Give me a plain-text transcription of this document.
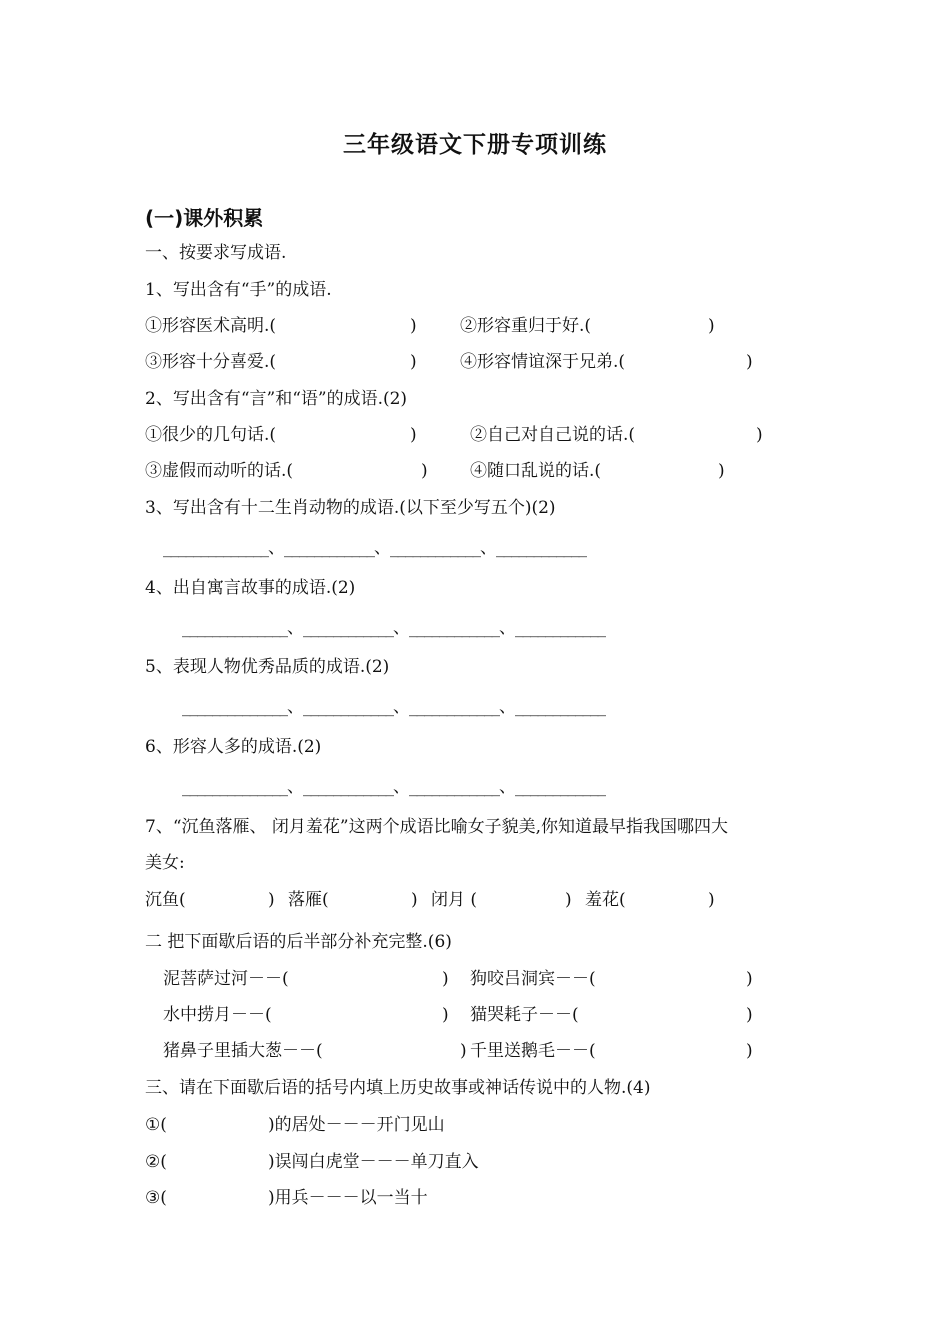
三年级语文下册专项训练
(一)课外积累
一、按要求写成语.
1、写出含有“手”的成语.
①形容医术高明.(	)	②形容重归于好.(	)
③形容十分喜爱.(	)	④形容情谊深于兄弟.(	)
2、写出含有“言”和“语”的成语.(2)
①很少的几句话.(	)	②自己对自己说的话.(	)
③虚假而动听的话.(	) ④随口乱说的话.(	)
3、写出含有十二生肖动物的成语.(以下至少写五个)(2)
______________、____________、____________、____________
4、出自寓言故事的成语.(2)
______________、____________、____________、____________
5、表现人物优秀品质的成语.(2)
______________、____________、____________、____________
6、形容人多的成语.(2)
______________、____________、____________、____________
7、“沉鱼落雁、 闭月羞花”这两个成语比喻女子貌美,你知道最早指我国哪四大
美女:
沉鱼(	) 落雁(	) 闭月 (	) 羞花(	)
二 把下面歇后语的后半部分补充完整.(6)
泥菩萨过河－－(	) 狗咬吕洞宾－－(	)
水中捞月－－(	) 猫哭耗子－－(	)
猪鼻子里插大葱－－(	) 千里送鹅毛－－(	)
三、请在下面歇后语的括号内填上历史故事或神话传说中的人物.(4)
①(	)的居处－－－开门见山
②(	)误闯白虎堂－－－单刀直入
③(	)用兵－－－以一当十
